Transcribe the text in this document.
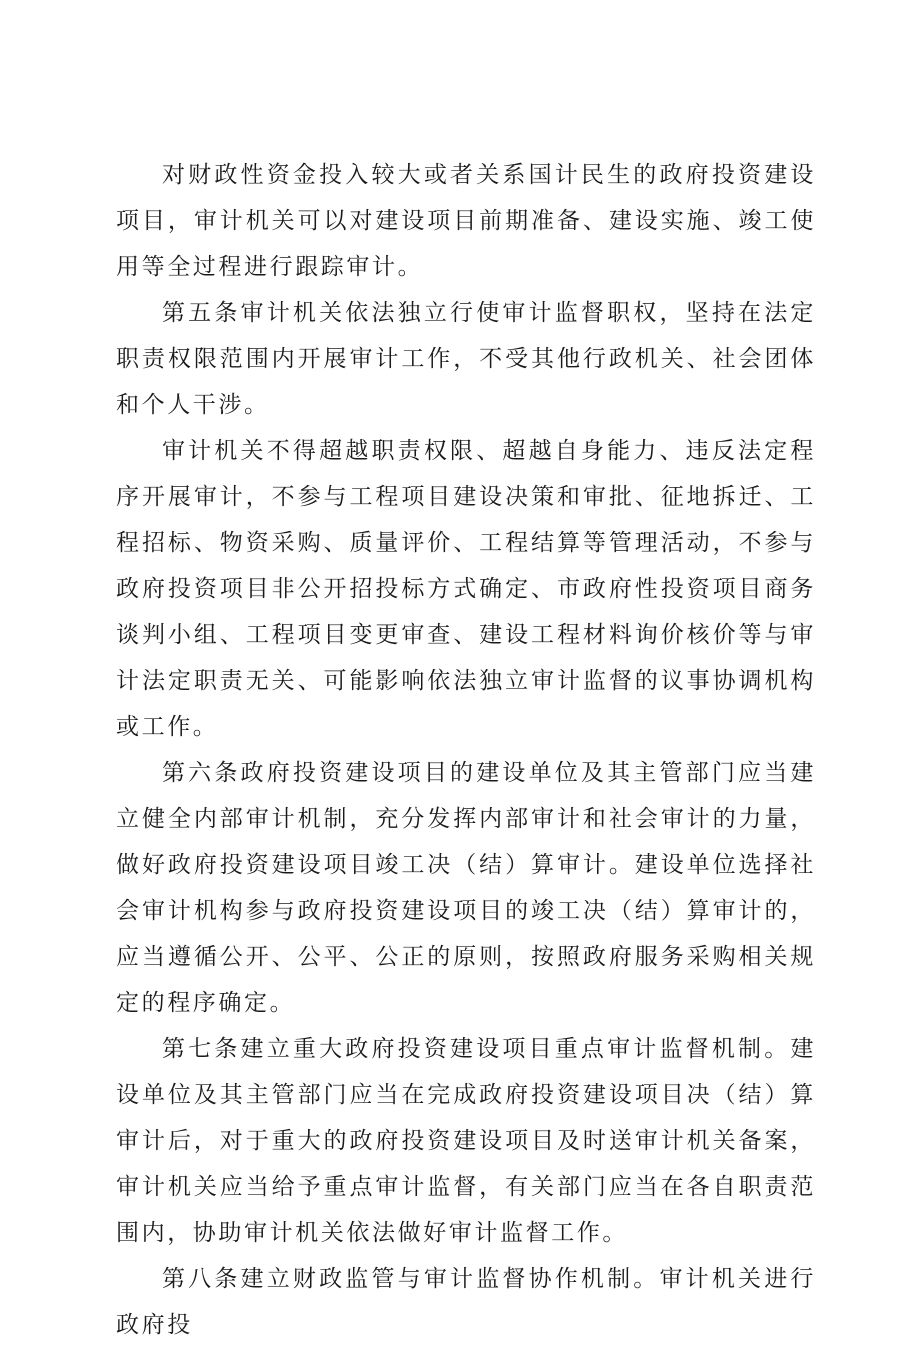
对财政性资金投入较大或者关系国计民生的政府投资建设项目，审计机关可以对建设项目前期准备、建设实施、竣工使用等全过程进行跟踪审计。

第五条审计机关依法独立行使审计监督职权，坚持在法定职责权限范围内开展审计工作，不受其他行政机关、社会团体和个人干涉。

审计机关不得超越职责权限、超越自身能力、违反法定程序开展审计，不参与工程项目建设决策和审批、征地拆迁、工程招标、物资采购、质量评价、工程结算等管理活动，不参与政府投资项目非公开招投标方式确定、市政府性投资项目商务谈判小组、工程项目变更审查、建设工程材料询价核价等与审计法定职责无关、可能影响依法独立审计监督的议事协调机构或工作。

第六条政府投资建设项目的建设单位及其主管部门应当建立健全内部审计机制，充分发挥内部审计和社会审计的力量，做好政府投资建设项目竣工决（结）算审计。建设单位选择社会审计机构参与政府投资建设项目的竣工决（结）算审计的，应当遵循公开、公平、公正的原则，按照政府服务采购相关规定的程序确定。

第七条建立重大政府投资建设项目重点审计监督机制。建设单位及其主管部门应当在完成政府投资建设项目决（结）算审计后，对于重大的政府投资建设项目及时送审计机关备案，审计机关应当给予重点审计监督，有关部门应当在各自职责范围内，协助审计机关依法做好审计监督工作。

第八条建立财政监管与审计监督协作机制。审计机关进行政府投
